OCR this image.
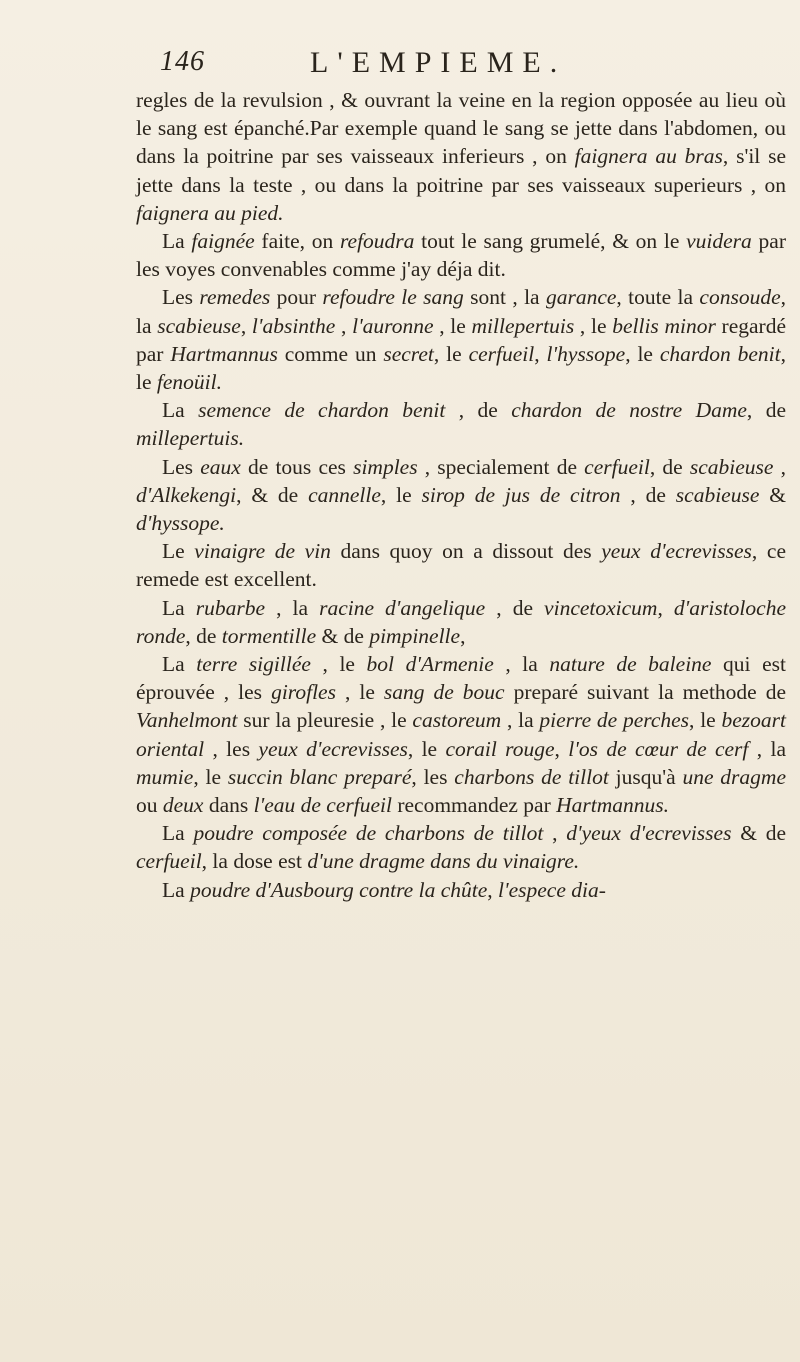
146	L'EMPIEME.

regles de la revulsion , & ouvrant la veine en la region opposée au lieu où le sang est épanché.Par exemple quand le sang se jette dans l'abdomen, ou dans la poitrine par ses vaisseaux inferieurs , on faignera au bras, s'il se jette dans la teste , ou dans la poitrine par ses vaisseaux superieurs , on faignera au pied.

La faignée faite, on refoudra tout le sang grumelé, & on le vuidera par les voyes convenables comme j'ay déja dit.

Les remedes pour refoudre le sang sont , la garance, toute la consoude, la scabieuse, l'absinthe , l'auronne , le millepertuis , le bellis minor regardé par Hartmannus comme un secret, le cerfueil, l'hyssope, le chardon benit, le fenoüil.

La semence de chardon benit , de chardon de nostre Dame, de millepertuis.

Les eaux de tous ces simples , specialement de cerfueil, de scabieuse , d'Alkekengi, & de cannelle, le sirop de jus de citron , de scabieuse & d'hyssope.

Le vinaigre de vin dans quoy on a dissout des yeux d'ecrevisses, ce remede est excellent.

La rubarbe , la racine d'angelique , de vincetoxicum, d'aristoloche ronde, de tormentille & de pimpinelle,

La terre sigillée , le bol d'Armenie , la nature de baleine qui est éprouvée , les girofles , le sang de bouc preparé suivant la methode de Vanhelmont sur la pleuresie , le castoreum , la pierre de perches, le bezoart oriental , les yeux d'ecrevisses, le corail rouge, l'os de cœur de cerf , la mumie, le succin blanc preparé, les charbons de tillot jusqu'à une dragme ou deux dans l'eau de cerfueil recommandez par Hartmannus.

La poudre composée de charbons de tillot , d'yeux d'ecrevisses & de cerfueil, la dose est d'une dragme dans du vinaigre.

La poudre d'Ausbourg contre la chûte, l'espece dia-
